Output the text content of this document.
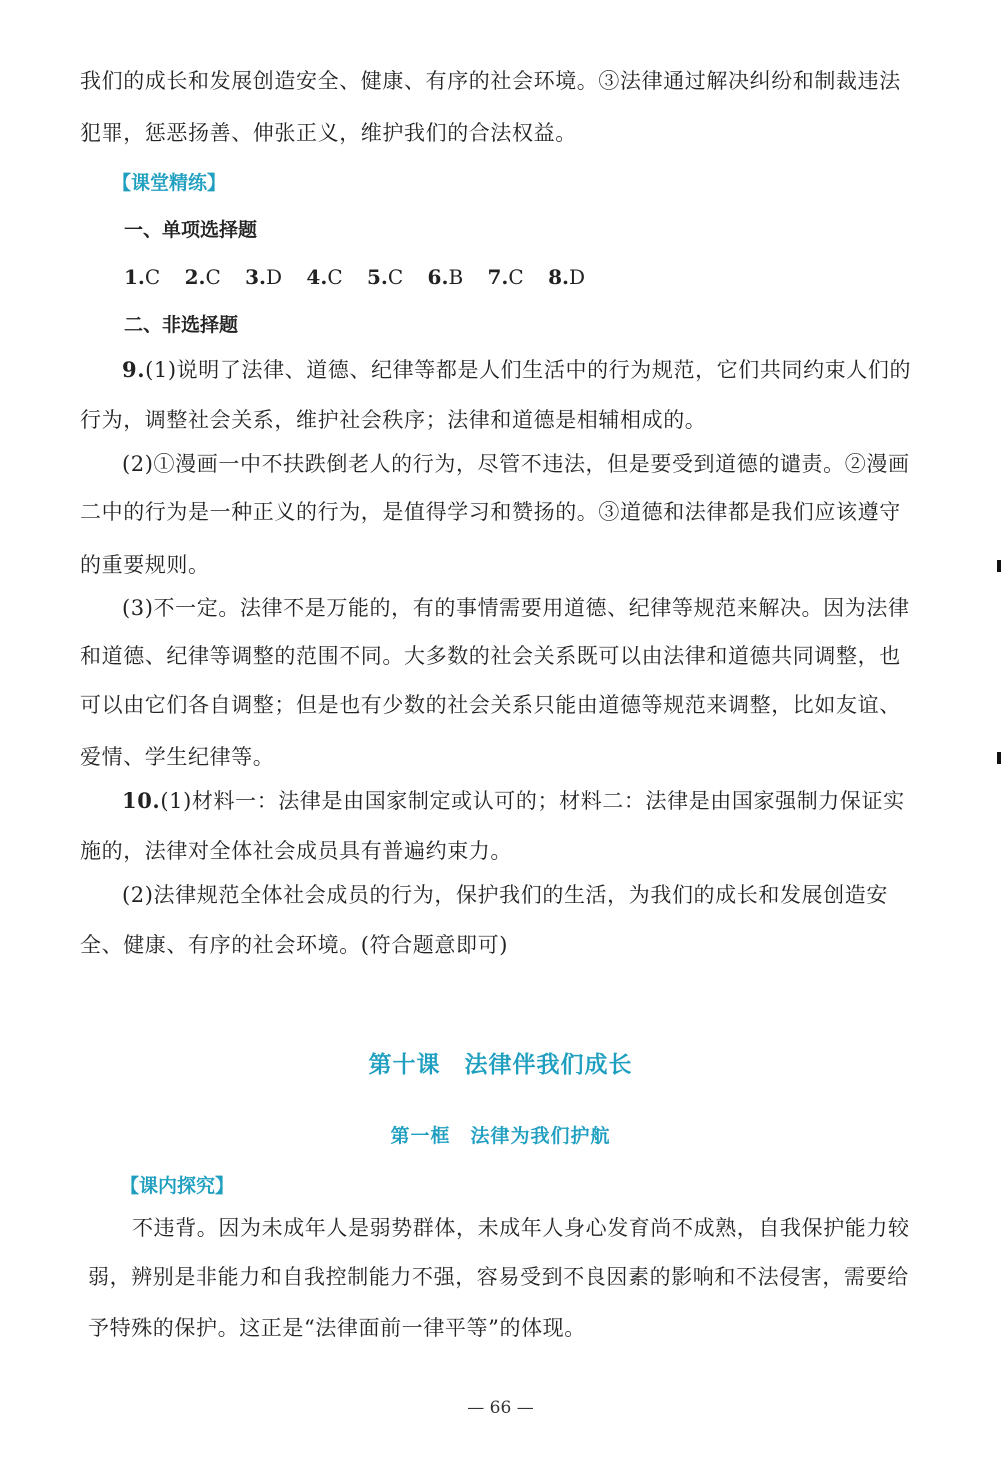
我们的成长和发展创造安全、健康、有序的社会环境。③法律通过解决纠纷和制裁违法
犯罪，惩恶扬善、伸张正义，维护我们的合法权益。
【课堂精练】
一、单项选择题
1.C 2.C 3.D 4.C 5.C 6.B 7.C 8.D
二、非选择题
9.(1)说明了法律、道德、纪律等都是人们生活中的行为规范，它们共同约束人们的
行为，调整社会关系，维护社会秩序；法律和道德是相辅相成的。
(2)①漫画一中不扶跌倒老人的行为，尽管不违法，但是要受到道德的谴责。②漫画
二中的行为是一种正义的行为，是值得学习和赞扬的。③道德和法律都是我们应该遵守
的重要规则。
(3)不一定。法律不是万能的，有的事情需要用道德、纪律等规范来解决。因为法律
和道德、纪律等调整的范围不同。大多数的社会关系既可以由法律和道德共同调整，也
可以由它们各自调整；但是也有少数的社会关系只能由道德等规范来调整，比如友谊、
爱情、学生纪律等。
10.(1)材料一：法律是由国家制定或认可的；材料二：法律是由国家强制力保证实
施的，法律对全体社会成员具有普遍约束力。
(2)法律规范全体社会成员的行为，保护我们的生活，为我们的成长和发展创造安
全、健康、有序的社会环境。(符合题意即可)
第十课　法律伴我们成长
第一框　法律为我们护航
【课内探究】
不违背。因为未成年人是弱势群体，未成年人身心发育尚不成熟，自我保护能力较
弱，辨别是非能力和自我控制能力不强，容易受到不良因素的影响和不法侵害，需要给
予特殊的保护。这正是“法律面前一律平等”的体现。
— 66 —
